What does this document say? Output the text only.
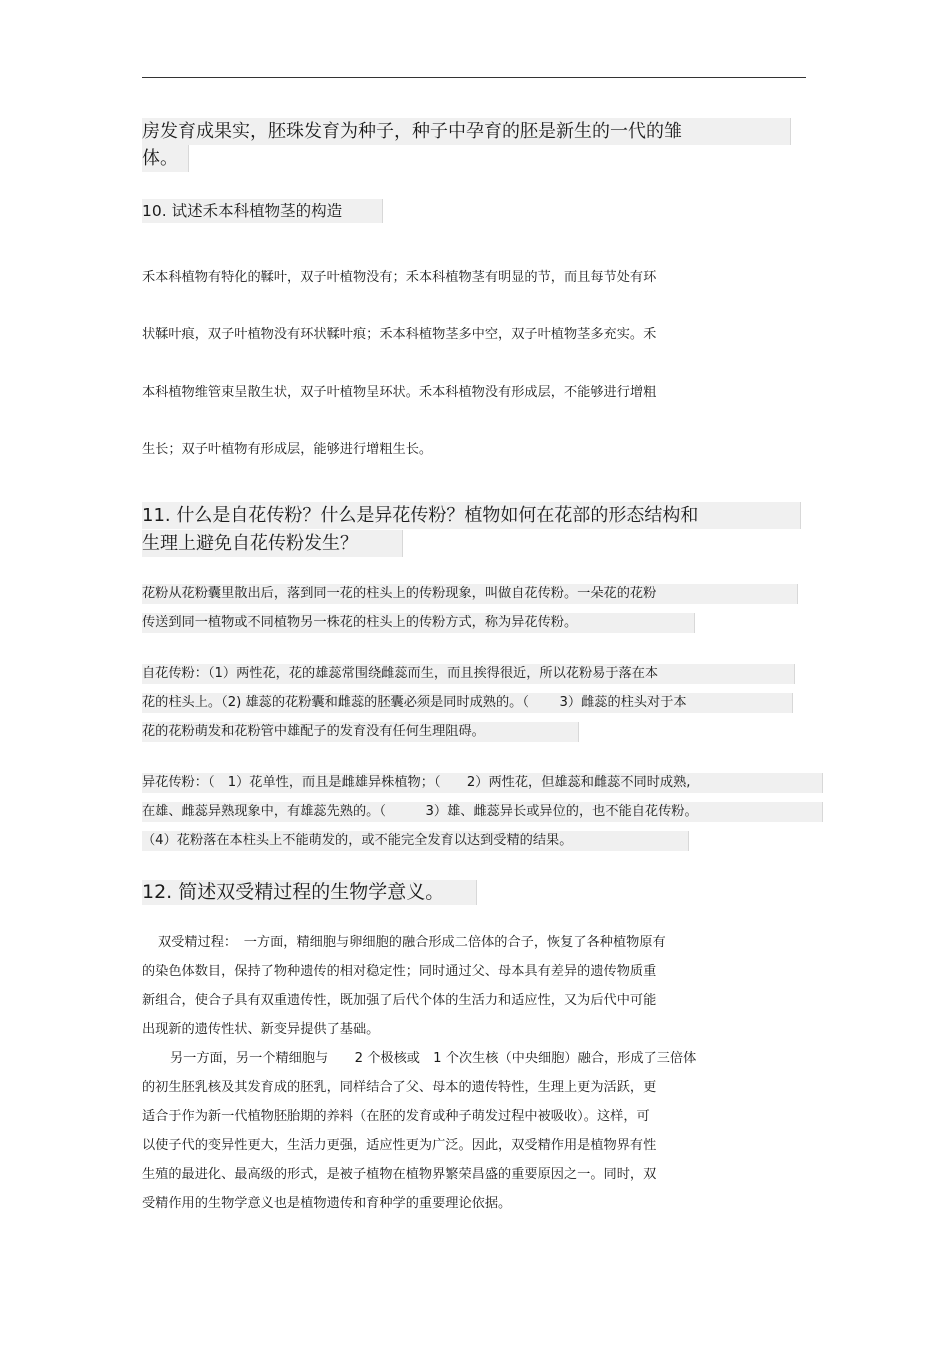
房发育成果实，胚珠发育为种子，种子中孕育的胚是新生的一代的雏
体。
10. 试述禾本科植物茎的构造
禾本科植物有特化的鞣叶，双子叶植物没有；禾本科植物茎有明显的节，而且每节处有环
状鞣叶痕，双子叶植物没有环状鞣叶痕；禾本科植物茎多中空，双子叶植物茎多充实。禾
本科植物维管束呈散生状，双子叶植物呈环状。禾本科植物没有形成层，不能够进行增粗
生长；双子叶植物有形成层，能够进行增粗生长。
11. 什么是自花传粉？什么是异花传粉？植物如何在花部的形态结构和
生理上避免自花传粉发生？
花粉从花粉囊里散出后，落到同一花的柱头上的传粉现象，叫做自花传粉。一朵花的花粉
传送到同一植物或不同植物另一株花的柱头上的传粉方式，称为异花传粉。
自花传粉：（1）两性花，花的雄蕊常围绕雌蕊而生，而且挨得很近，所以花粉易于落在本
花的柱头上。（2) 雄蕊的花粉囊和雌蕊的胚囊必须是同时成熟的。（　　 3）雌蕊的柱头对于本
花的花粉萌发和花粉管中雄配子的发育没有任何生理阻碍。
异花传粉：（　1）花单性，而且是雌雄异株植物；（　　2）两性花，但雄蕊和雌蕊不同时成熟,
在雄、雌蕊异熟现象中，有雄蕊先熟的。（　　　3）雄、雌蕊异长或异位的，也不能自花传粉。
（4）花粉落在本柱头上不能萌发的，或不能完全发育以达到受精的结果。
12. 简述双受精过程的生物学意义。
双受精过程：　一方面，精细胞与卵细胞的融合形成二倍体的合子，恢复了各种植物原有
的染色体数目，保持了物种遗传的相对稳定性；同时通过父、母本具有差异的遗传物质重
新组合，使合子具有双重遗传性，既加强了后代个体的生活力和适应性，又为后代中可能
出现新的遗传性状、新变异提供了基础。
另一方面，另一个精细胞与　　2 个极核或　1 个次生核（中央细胞）融合，形成了三倍体
的初生胚乳核及其发育成的胚乳，同样结合了父、母本的遗传特性，生理上更为活跃，更
适合于作为新一代植物胚胎期的养料（在胚的发育或种子萌发过程中被吸收）。这样，可
以使子代的变异性更大，生活力更强，适应性更为广泛。因此，双受精作用是植物界有性
生殖的最进化、最高级的形式，是被子植物在植物界繁荣昌盛的重要原因之一。同时，双
受精作用的生物学意义也是植物遗传和育种学的重要理论依据。
